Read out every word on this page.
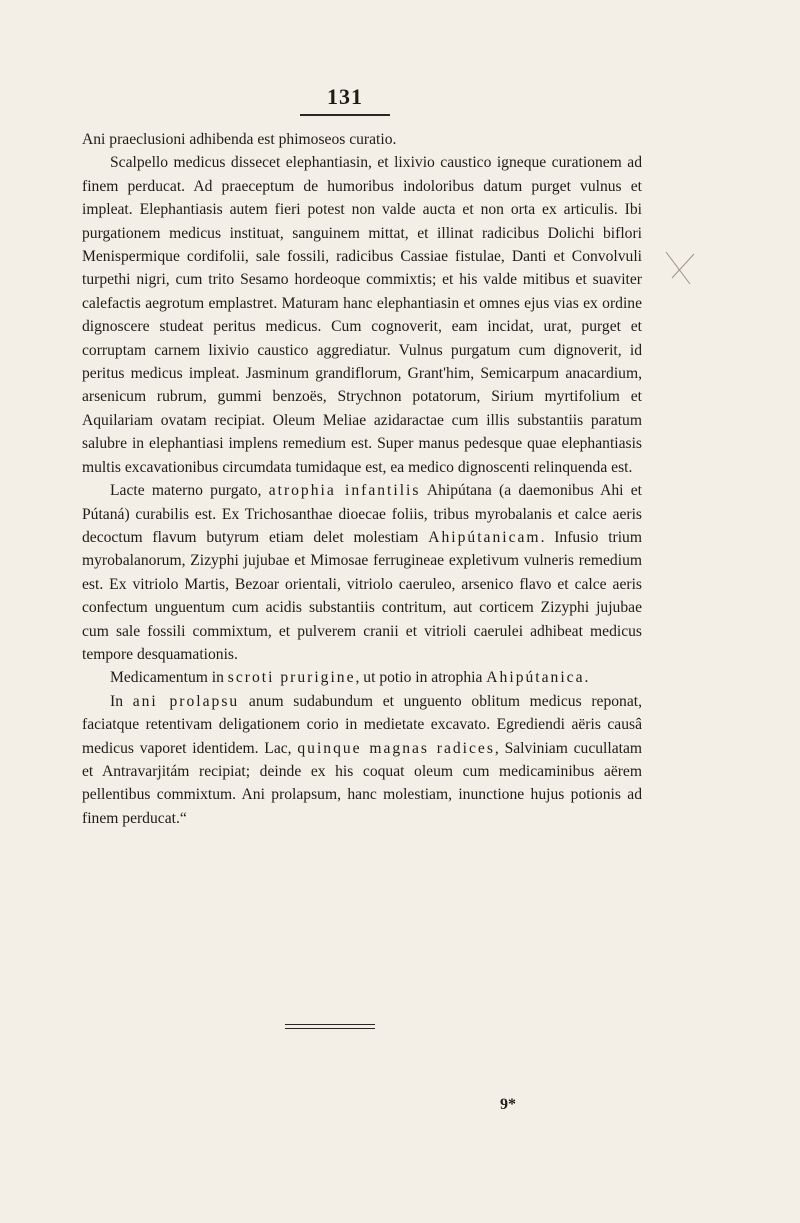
131

Ani praeclusioni adhibenda est phimoseos curatio.

Scalpello medicus dissecet elephantiasin, et lixivio caustico igneque curationem ad finem perducat. Ad praeceptum de humoribus indoloribus datum purget vulnus et impleat. Elephantiasis autem fieri potest non valde aucta et non orta ex articulis. Ibi purgationem medicus instituat, sanguinem mittat, et illinat radicibus Dolichi biflori Menispermique cordifolii, sale fossili, radicibus Cassiae fistulae, Danti et Convolvuli turpethi nigri, cum trito Sesamo hordeoque commixtis; et his valde mitibus et suaviter calefactis aegrotum emplastret. Maturam hanc elephantiasin et omnes ejus vias ex ordine dignoscere studeat peritus medicus. Cum cognoverit, eam incidat, urat, purget et corruptam carnem lixivio caustico aggrediatur. Vulnus purgatum cum dignoverit, id peritus medicus impleat. Jasminum grandiflorum, Grant'him, Semicarpum anacardium, arsenicum rubrum, gummi benzoës, Strychnon potatorum, Sirium myrtifolium et Aquilariam ovatam recipiat. Oleum Meliae azidaractae cum illis substantiis paratum salubre in elephantiasi implens remedium est. Super manus pedesque quae elephantiasis multis excavationibus circumdata tumidaque est, ea medico dignoscenti relinquenda est.

Lacte materno purgato, atrophia infantilis Ahipútana (a daemonibus Ahi et Pútaná) curabilis est. Ex Trichosanthae dioecae foliis, tribus myrobalanis et calce aeris decoctum flavum butyrum etiam delet molestiam Ahipútanicam. Infusio trium myrobalanorum, Zizyphi jujubae et Mimosae ferrugineae expletivum vulneris remedium est. Ex vitriolo Martis, Bezoar orientali, vitriolo caeruleo, arsenico flavo et calce aeris confectum unguentum cum acidis substantiis contritum, aut corticem Zizyphi jujubae cum sale fossili commixtum, et pulverem cranii et vitrioli caerulei adhibeat medicus tempore desquamationis.

Medicamentum in scroti prurigine, ut potio in atrophia Ahipútanica.

In ani prolapsu anum sudabundum et unguento oblitum medicus reponat, faciatque retentivam deligationem corio in medietate excavato. Egrediendi aëris causâ medicus vaporet identidem. Lac, quinque magnas radices, Salviniam cucullatam et Antravarjitám recipiat; deinde ex his coquat oleum cum medicaminibus aërem pellentibus commixtum. Ani prolapsum, hanc molestiam, inunctione hujus potionis ad finem perducat.“

9*
